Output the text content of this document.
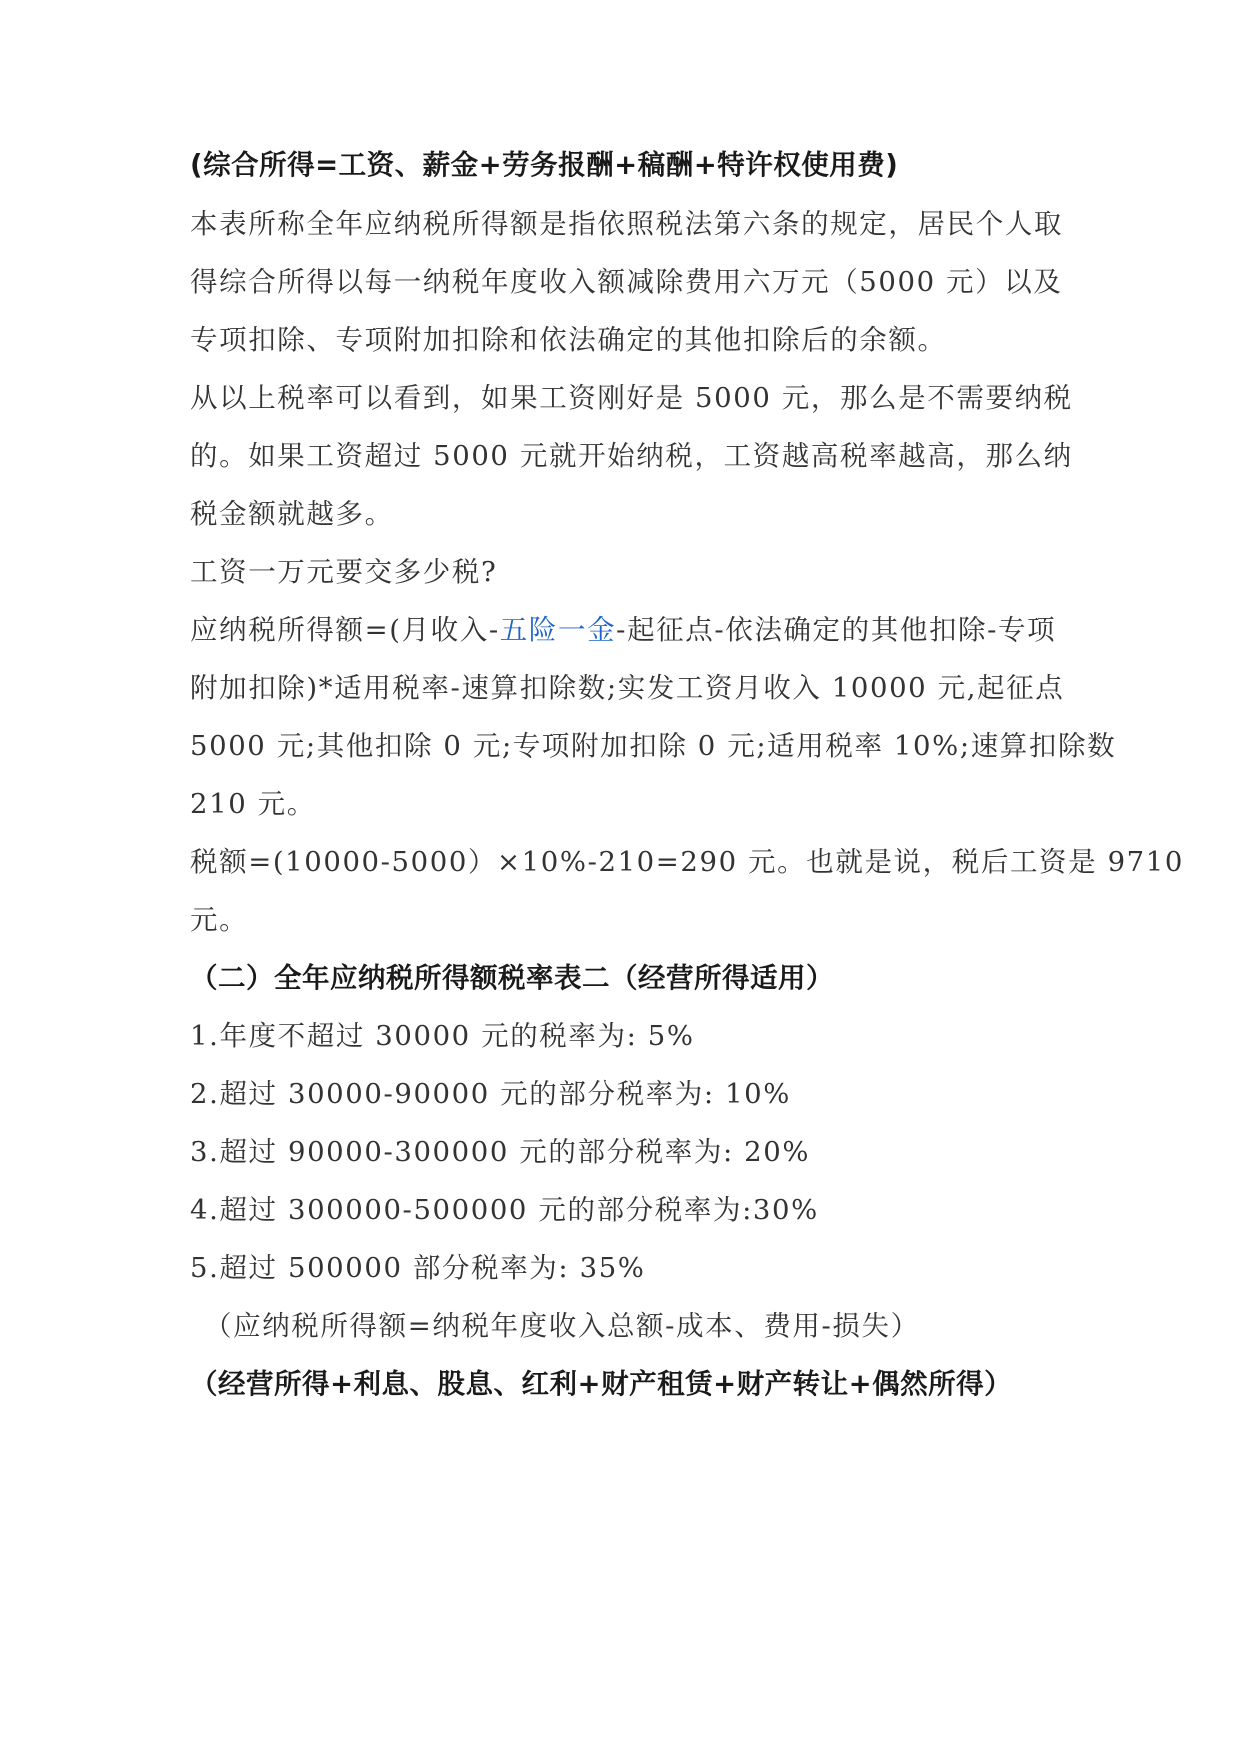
(综合所得=工资、薪金+劳务报酬+稿酬+特许权使用费)
本表所称全年应纳税所得额是指依照税法第六条的规定，居民个人取
得综合所得以每一纳税年度收入额减除费用六万元（5000 元）以及
专项扣除、专项附加扣除和依法确定的其他扣除后的余额。
从以上税率可以看到，如果工资刚好是 5000 元，那么是不需要纳税
的。如果工资超过 5000 元就开始纳税，工资越高税率越高，那么纳
税金额就越多。
工资一万元要交多少税?
应纳税所得额=(月收入-五险一金-起征点-依法确定的其他扣除-专项
附加扣除)*适用税率-速算扣除数;实发工资月收入 10000 元,起征点
5000 元;其他扣除 0 元;专项附加扣除 0 元;适用税率 10%;速算扣除数
210 元。
税额=(10000-5000）×10%-210=290 元。也就是说，税后工资是 9710
元。
（二）全年应纳税所得额税率表二（经营所得适用）
1.年度不超过 30000 元的税率为: 5%
2.超过 30000-90000 元的部分税率为: 10%
3.超过 90000-300000 元的部分税率为: 20%
4.超过 300000-500000 元的部分税率为:30%
5.超过 500000 部分税率为: 35%
（应纳税所得额=纳税年度收入总额-成本、费用-损失）
（经营所得+利息、股息、红利+财产租赁+财产转让+偶然所得）
